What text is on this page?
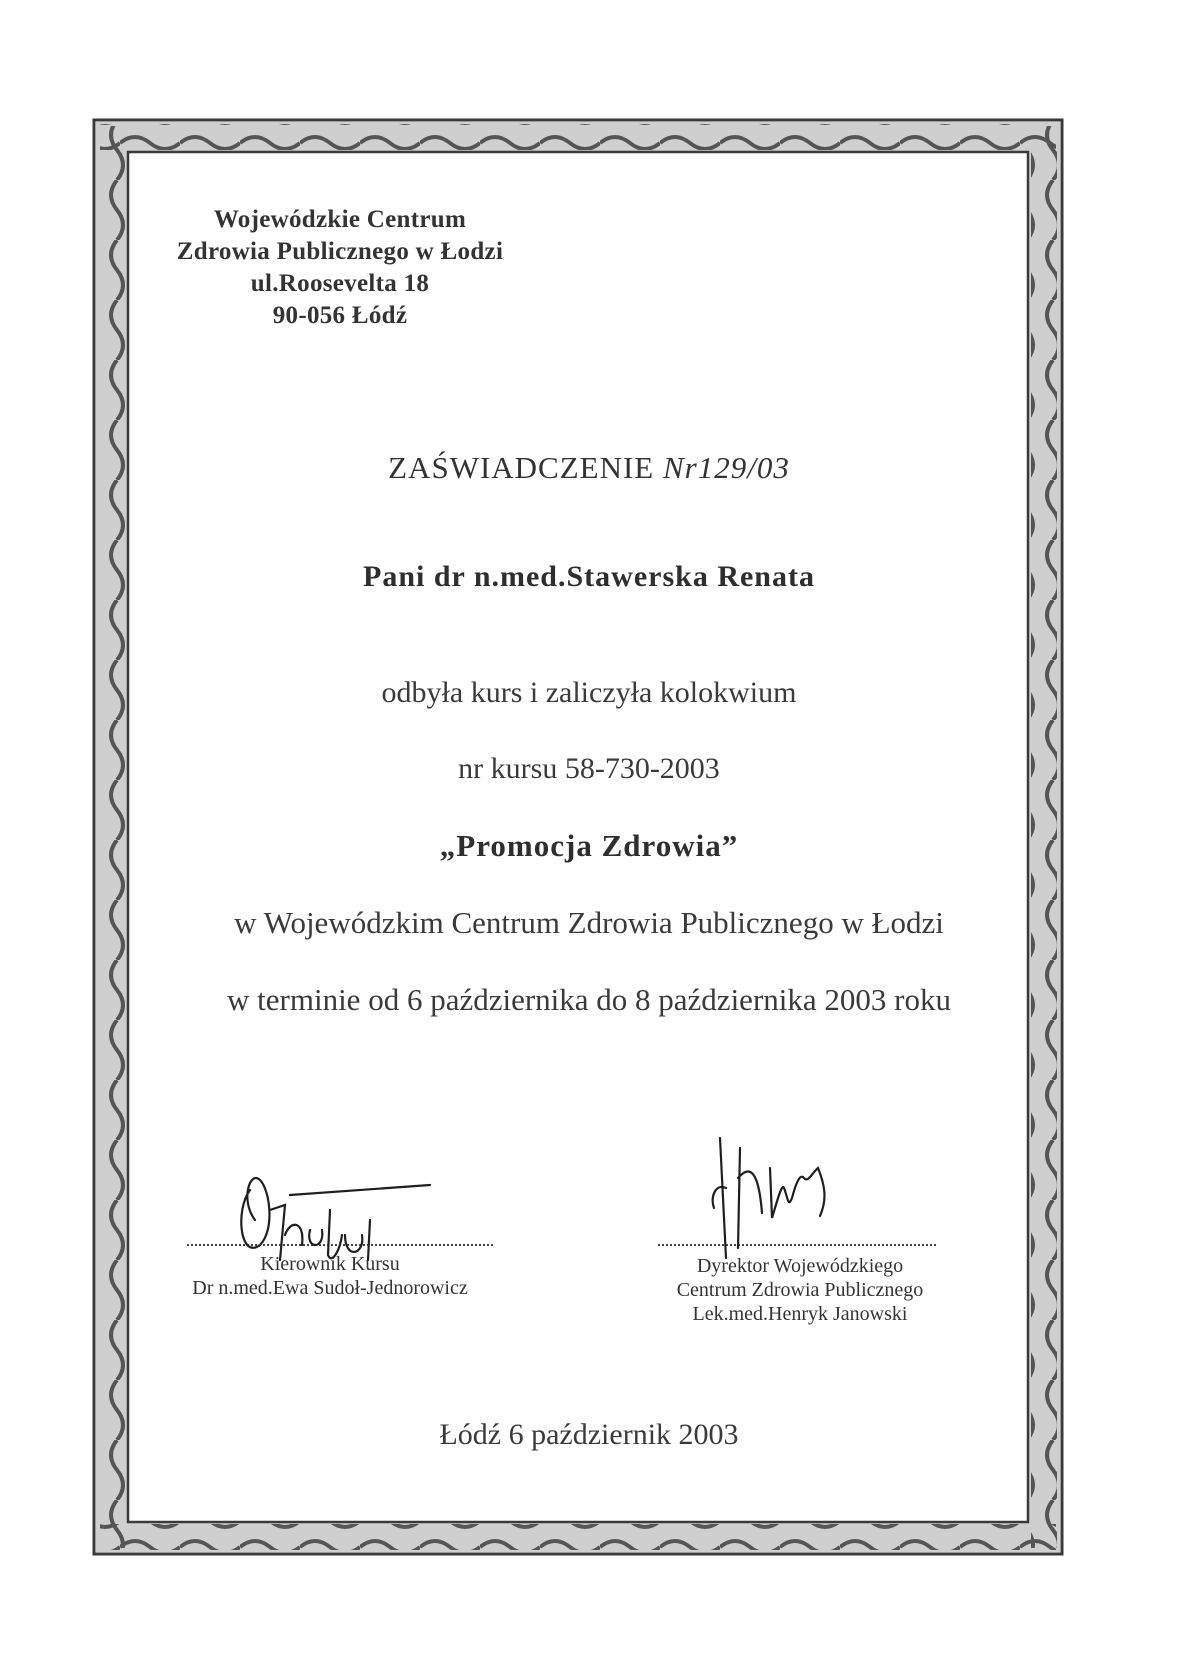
Wojewódzkie Centrum
Zdrowia Publicznego w Łodzi
ul.Roosevelta 18
90-056 Łódź
ZAŚWIADCZENIE Nr129/03
Pani dr n.med.Stawerska Renata
odbyła kurs i zaliczyła kolokwium
nr kursu 58-730-2003
„Promocja Zdrowia”
w Wojewódzkim Centrum Zdrowia Publicznego w Łodzi
w terminie od 6 października do 8 października 2003 roku
Kierownik Kursu
Dr n.med.Ewa Sudoł-Jednorowicz
Dyrektor Wojewódzkiego
Centrum Zdrowia Publicznego
Lek.med.Henryk Janowski
Łódź 6 październik 2003
